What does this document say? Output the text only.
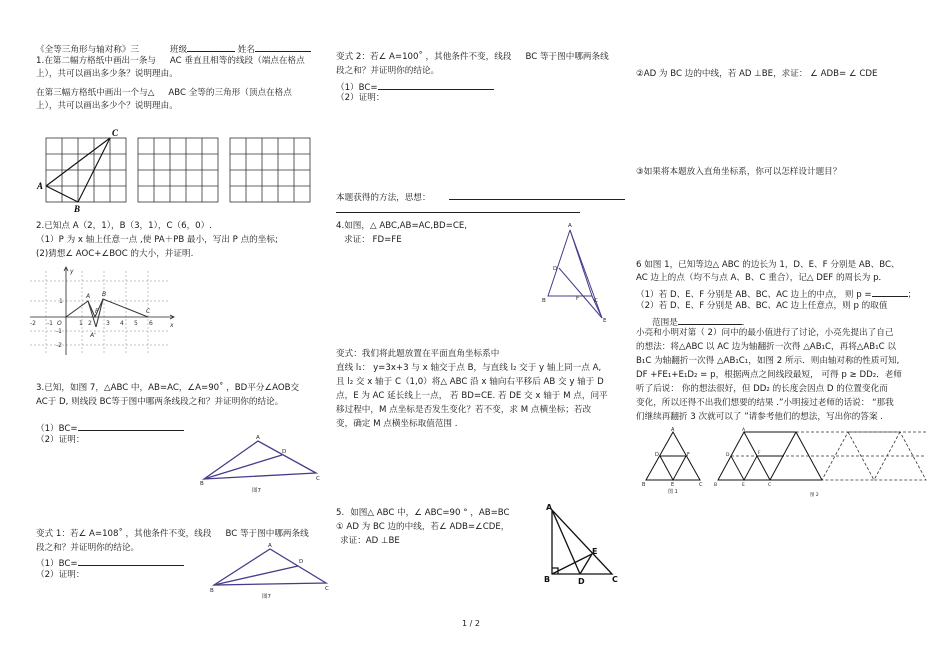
《全等三角形与轴对称》三	班级	姓名
1.在第二幅方格纸中画出一条与 AC 垂直且相等的线段（端点在格点
上），共可以画出多少条？说明理由。
在第三幅方格纸中画出一个与△ ABC 全等的三角形（顶点在格点
上），共可以画出多少个？说明理由。
C
A
B
2.已知点 A（2，1），B（3，1），C（6，0）.
（1）P 为 x 轴上任意一点 ,使 PA＋PB 最小，写出 P 点的坐标;
(2)猜想∠ AOC+∠BOC 的大小，并证明.
-2 -1 O	1 2 3 4 5 6	x
y
1
-1
-2
A B
C
P
A'
3.已知，如图 7，△ABC 中，AB=AC，∠A=90˚ ，BD平分∠AOB交
AC于 D, 则线段 BC等于图中哪两条线段之和？并证明你的结论。
（1）BC=
（2）证明：	A
B
C
D
图7
变式 1：若∠ A=108˚ ，其他条件不变，线段 BC 等于图中哪两条线
段之和？并证明你的结论。
（1）BC=
（2）证明：
A
B	C
D
图7
变式 2：若∠ A=100˚ ，其他条件不变，线段 BC 等于图中哪两条线
段之和？并证明你的结论。
（1）BC=
（2）证明：
本题获得的方法，思想：
4.如图，△ ABC,AB=AC,BD=CE,
求证： FD=FE
A
B	C
D
E
F
变式：我们将此题放置在平面直角坐标系中
直线 l₁： y=3x+3 与 x 轴交于点 B，与直线 l₂ 交于 y 轴上同一点 A,
且 l₂ 交 x 轴于 C（1,0）将△ ABC 沿 x 轴向右平移后 AB 交 y 轴于 D
点，E 为 AC 延长线上一点， 若 BD=CE. 若 DE 交 x 轴于 M 点，问平
移过程中，M 点坐标是否发生变化？若不变，求 M 点横坐标；若改
变，确定 M 点横坐标取值范围 .
5. 如图△ ABC 中，∠ ABC=90 ° ，AB=BC
① AD 为 BC 边的中线，若∠ ADB=∠CDE，
求证：AD ⊥BE
A
B	C
D
E
②AD 为 BC 边的中线，若 AD ⊥BE，求证： ∠ ADB= ∠ CDE
③如果将本题放入直角坐标系，你可以怎样设计题目？
6 如图 1，已知等边△ ABC 的边长为 1，D、E、F 分别是 AB、BC、
AC 边上的点（均不与点 A、B、C 重合），记△ DEF 的周长为 p．
（1）若 D、E、F 分别是 AB、BC、AC 边上的中点， 则 p =	；
（2）若 D、E、F 分别是 AB、BC、AC 边上任意点，则 p 的取值
范围是	．
小亮和小明对第（ 2）问中的最小值进行了讨论，小亮先提出了自己
的想法：将△ABC 以 AC 边为轴翻折一次得 △AB₁C，再将△AB₁C 以
B₁C 为轴翻折一次得 △AB₁C₁，如图 2 所示．则由轴对称的性质可知,
DF +FE₁+E₁D₂ = p，根据两点之间线段最短， 可得 p ≥ DD₂．老师
听了后说： 你的想法很好，但 DD₂ 的长度会因点 D 的位置变化而
变化，所以还得不出我们想要的结果 .”小明接过老师的话说： “那我
们继续再翻折 3 次就可以了 ”请参考他们的想法，写出你的答案 .
A
B	C
D
E
F
图 1
A
B	C
D
E
F
图 2
1 / 2
